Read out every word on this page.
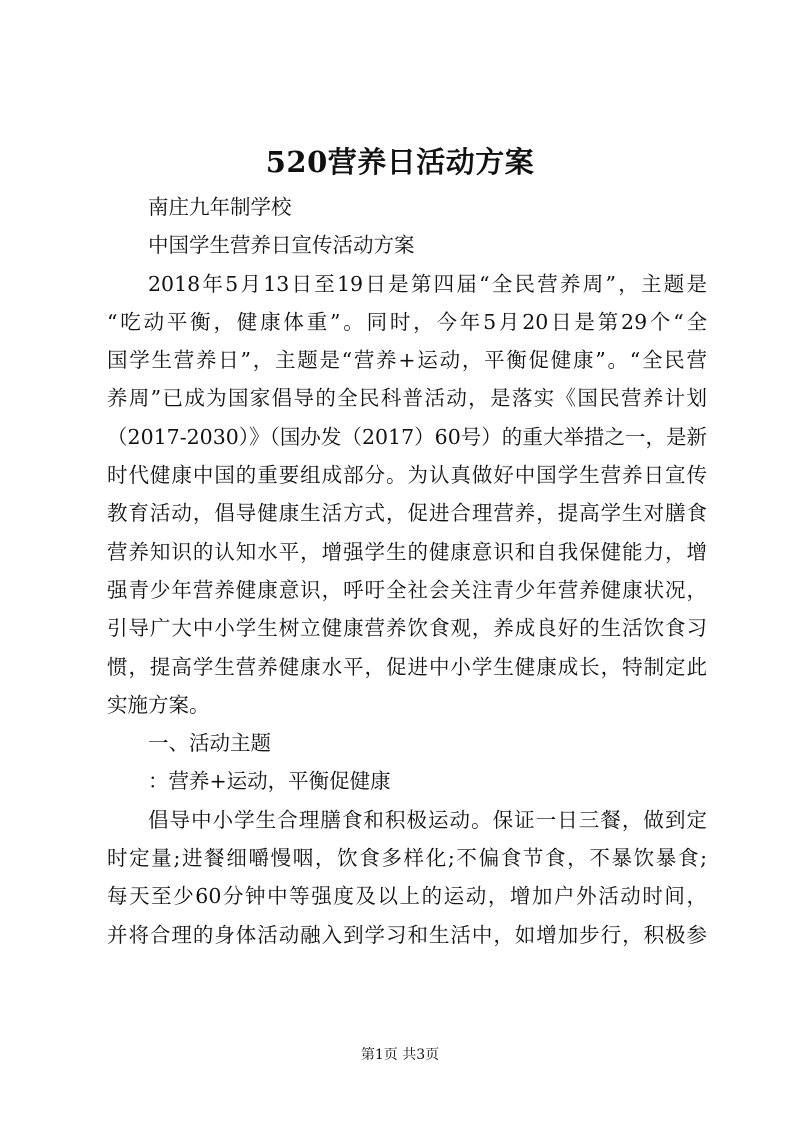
520营养日活动方案
南庄九年制学校
中国学生营养日宣传活动方案
2018年5月13日至19日是第四届“全民营养周”，主题是
“吃动平衡，健康体重”。同时，今年5月20日是第29个“全
国学生营养日”，主题是“营养+运动，平衡促健康”。“全民营
养周”已成为国家倡导的全民科普活动，是落实《国民营养计划
（2017-2030）》（国办发（2017）60号）的重大举措之一，是新
时代健康中国的重要组成部分。为认真做好中国学生营养日宣传
教育活动，倡导健康生活方式，促进合理营养，提高学生对膳食
营养知识的认知水平，增强学生的健康意识和自我保健能力，增
强青少年营养健康意识，呼吁全社会关注青少年营养健康状况，
引导广大中小学生树立健康营养饮食观，养成良好的生活饮食习
惯，提高学生营养健康水平，促进中小学生健康成长，特制定此
实施方案。
一、活动主题
：营养+运动，平衡促健康
倡导中小学生合理膳食和积极运动。保证一日三餐，做到定
时定量;进餐细嚼慢咽，饮食多样化;不偏食节食，不暴饮暴食;
每天至少60分钟中等强度及以上的运动，增加户外活动时间，
并将合理的身体活动融入到学习和生活中，如增加步行，积极参
第1页 共3页
